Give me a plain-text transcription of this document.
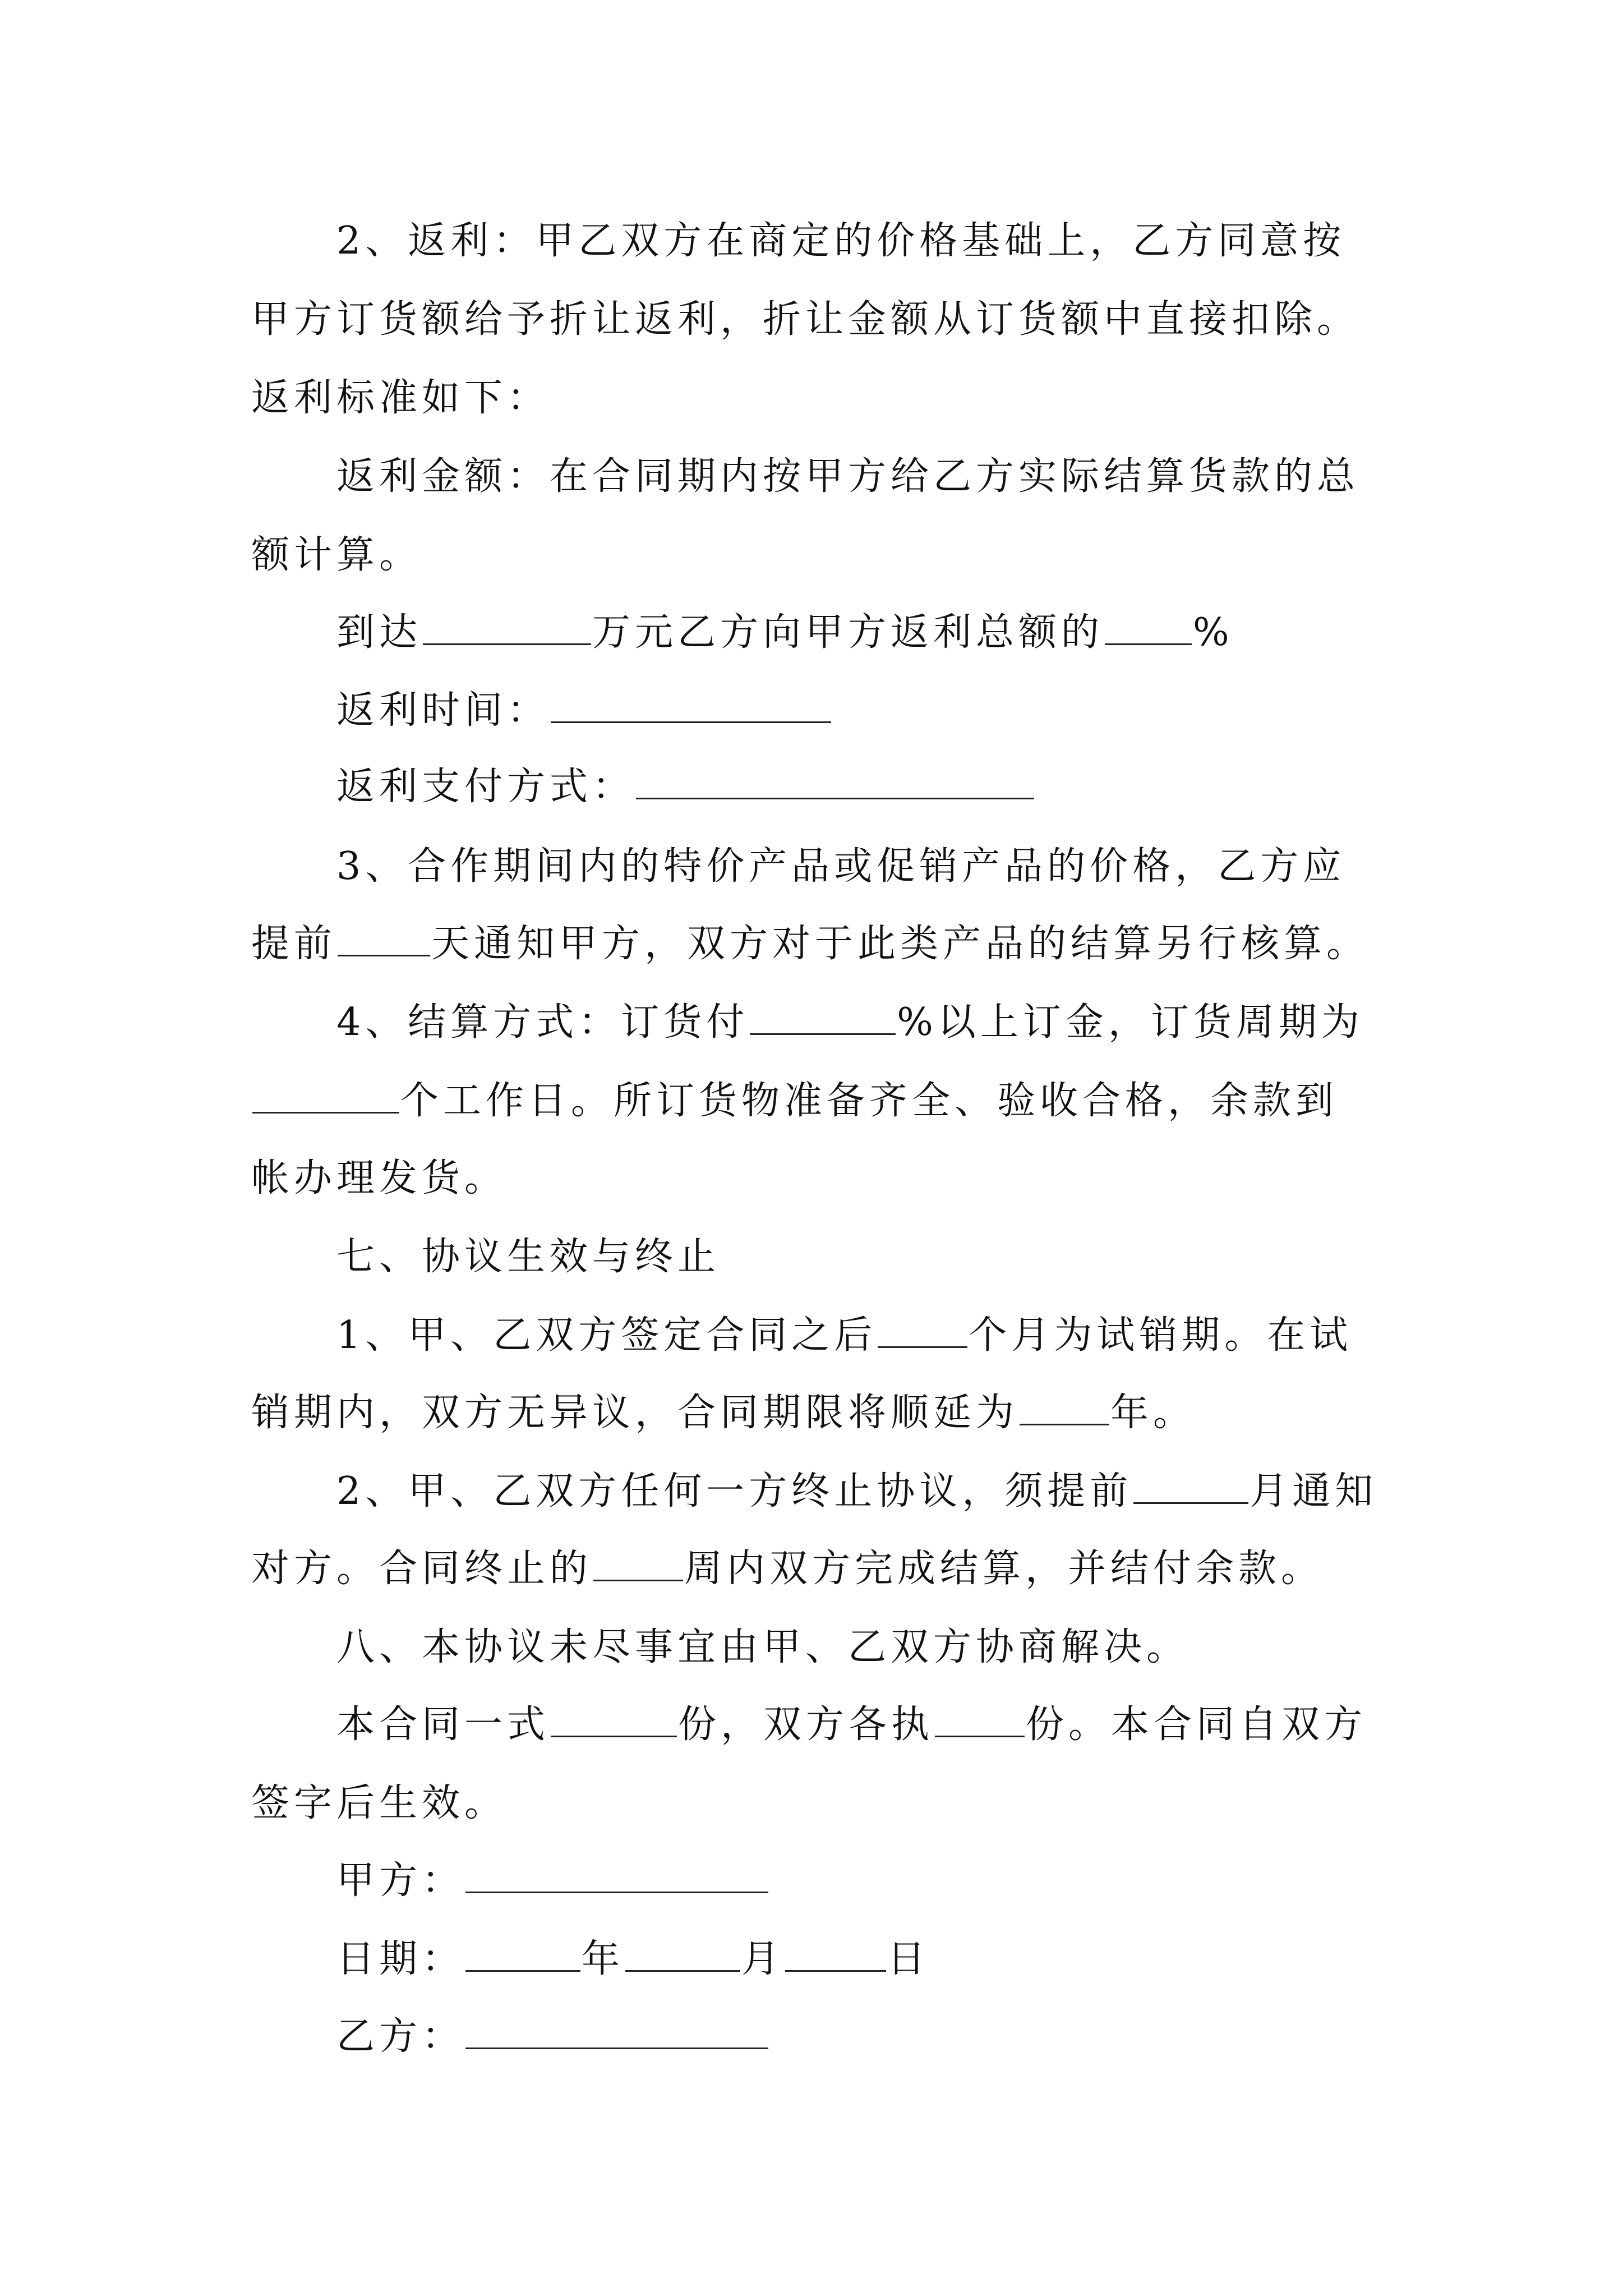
2、返利：甲乙双方在商定的价格基础上，乙方同意按
甲方订货额给予折让返利，折让金额从订货额中直接扣除。
返利标准如下：
返利金额：在合同期内按甲方给乙方实际结算货款的总
额计算。
到达	万元乙方向甲方返利总额的 %
返利时间：
返利支付方式：
3、合作期间内的特价产品或促销产品的价格，乙方应
提前 天通知甲方，双方对于此类产品的结算另行核算。
4、结算方式：订货付	%以上订金，订货周期为
个工作日。所订货物准备齐全、验收合格，余款到
帐办理发货。
七、协议生效与终止
1、甲、乙双方签定合同之后 个月为试销期。在试
销期内，双方无异议，合同期限将顺延为 年。
2、甲、乙双方任何一方终止协议，须提前	月通知
对方。合同终止的 周内双方完成结算，并结付余款。
八、本协议未尽事宜由甲、乙双方协商解决。
本合同一式	份，双方各执 份。本合同自双方
签字后生效。
甲方：
日期：	年	月	日
乙方：
